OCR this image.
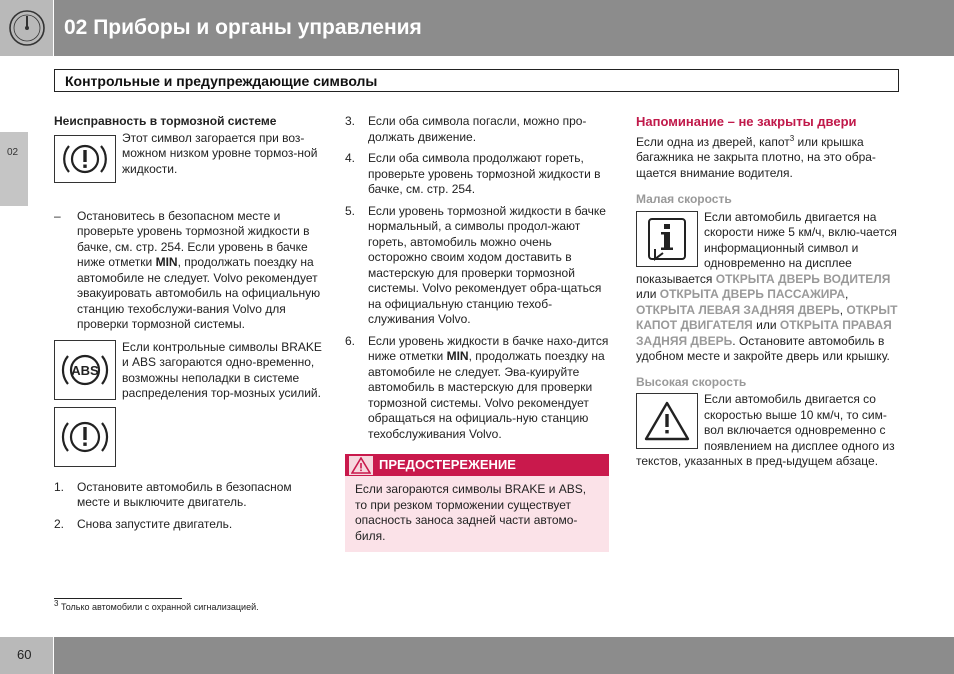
02 Приборы и органы управления
Контрольные и предупреждающие символы
02
Неисправность в тормозной системе
Этот символ загорается при воз-можном низком уровне тормоз-ной жидкости.
–	Остановитесь в безопасном месте и проверьте уровень тормозной жидкости в бачке, см. стр. 254. Если уровень в бачке ниже отметки MIN, продолжать поездку на автомобиле не следует. Volvo рекомендует эвакуировать автомобиль на официальную станцию техобслужи-вания Volvo для проверки тормозной системы.
ABS
Если контрольные символы BRAKE и ABS загораются одно-временно, возможны неполадки в системе распределения тор-мозных усилий.
1.	Остановите автомобиль в безопасном месте и выключите двигатель.
2.	Снова запустите двигатель.
3.	Если оба символа погасли, можно про-должать движение.
4.	Если оба символа продолжают гореть, проверьте уровень тормозной жидкости в бачке, см. стр. 254.
5.	Если уровень тормозной жидкости в бачке нормальный, а символы продол-жают гореть, автомобиль можно очень осторожно своим ходом доставить в мастерскую для проверки тормозной системы. Volvo рекомендует обра-щаться на официальную станцию техоб-служивания Volvo.
6.	Если уровень жидкости в бачке нахо-дится ниже отметки MIN, продолжать поездку на автомобиле не следует. Эва-куируйте автомобиль в мастерскую для проверки тормозной системы. Volvo рекомендует обращаться на официаль-ную станцию техобслуживания Volvo.
ПРЕДОСТЕРЕЖЕНИЕ
Если загораются символы BRAKE и ABS, то при резком торможении существует опасность заноса задней части автомо-биля.
Напоминание – не закрыты двери
Если одна из дверей, капот$^3$ или крышка багажника не закрыта плотно, на это обра-щается внимание водителя.
Малая скорость
Если автомобиль двигается на скорости ниже 5 км/ч, вклю-чается информационный символ и одновременно на дисплее показывается ОТКРЫТА ДВЕРЬ ВОДИТЕЛЯ или ОТКРЫТА ДВЕРЬ ПАССАЖИРА, ОТКРЫТА ЛЕВАЯ ЗАДНЯЯ ДВЕРЬ, ОТКРЫТ КАПОТ ДВИГАТЕЛЯ или ОТКРЫТА ПРАВАЯ ЗАДНЯЯ ДВЕРЬ. Остановите автомобиль в удобном месте и закройте дверь или крышку.
Высокая скорость
Если автомобиль двигается со скоростью выше 10 км/ч, то сим-вол включается одновременно с появлением на дисплее одного из текстов, указанных в пред-ыдущем абзаце.
$^3$ Только автомобили с охранной сигнализацией.
60
